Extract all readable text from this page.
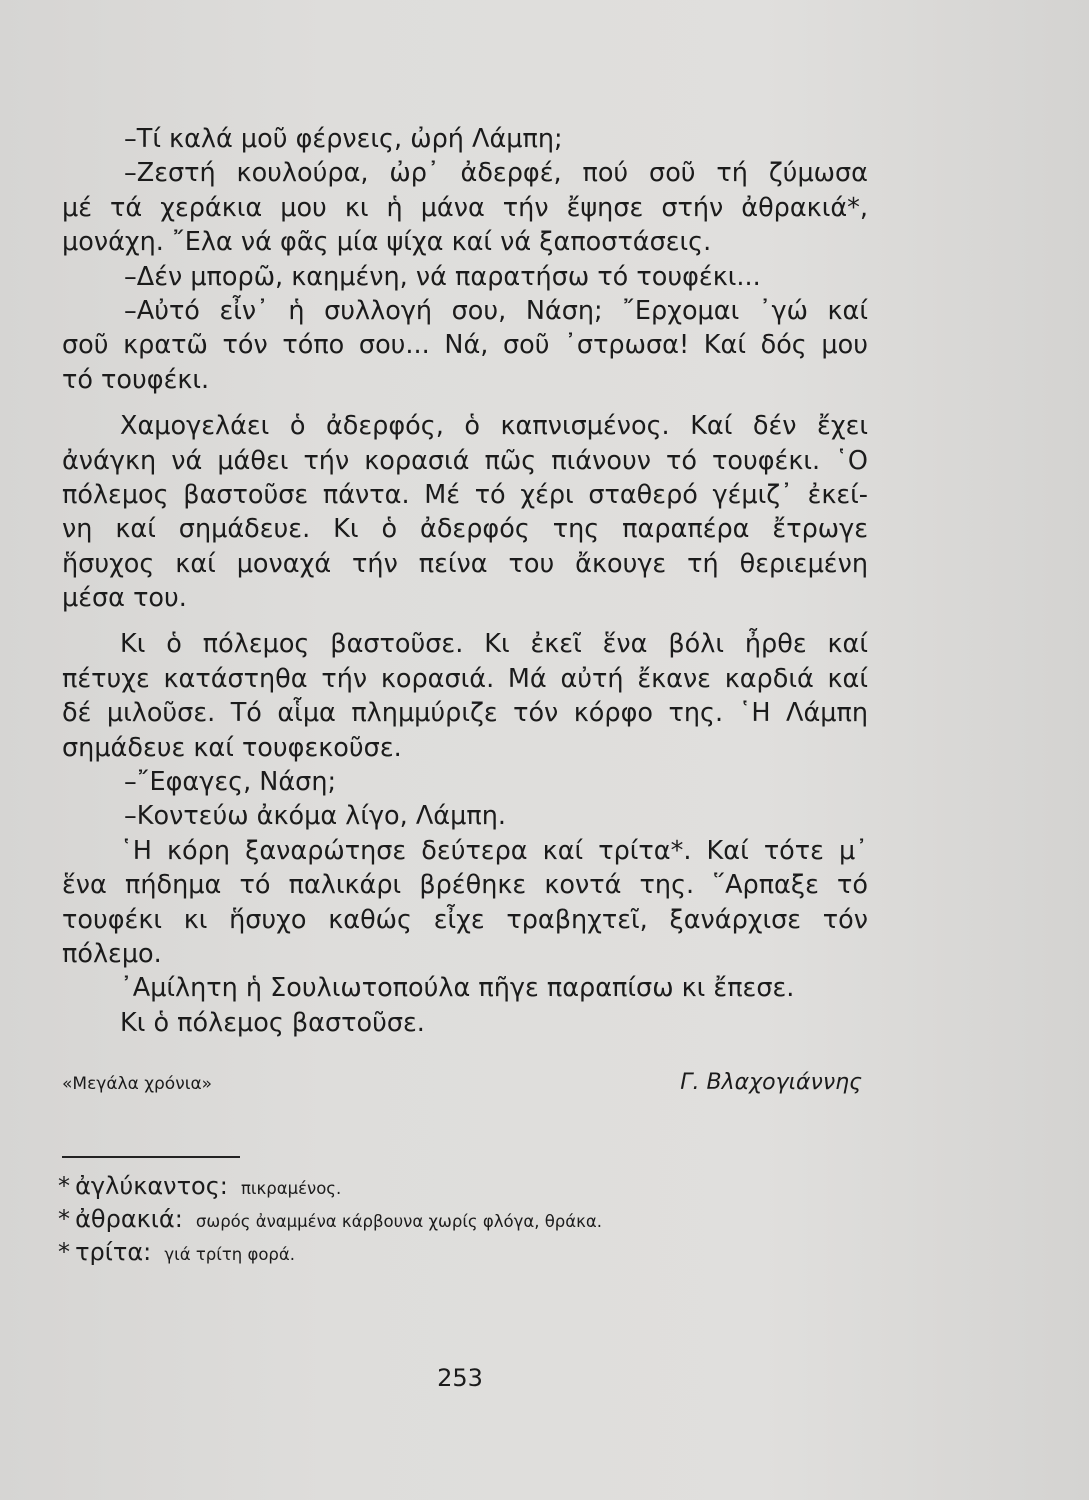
–Τί καλά μοῦ φέρνεις, ὠρή Λάμπη;
–Ζεστή κουλούρα, ὠρ᾿ ἀδερφέ, πού σοῦ τή ζύμωσα
μέ τά χεράκια μου κι ἡ μάνα τήν ἔψησε στήν ἀθρακιά*,
μονάχη. ῎Ελα νά φᾶς μία ψίχα καί νά ξαποστάσεις.
–Δέν μπορῶ, καημένη, νά παρατήσω τό τουφέκι...
–Αὐτό εἶν᾿ ἡ συλλογή σου, Νάση; ῎Ερχομαι ᾿γώ καί
σοῦ κρατῶ τόν τόπο σου... Νά, σοῦ ᾿στρωσα! Καί δός μου
τό τουφέκι.
Χαμογελάει ὁ ἀδερφός, ὁ καπνισμένος. Καί δέν ἔχει
ἀνάγκη νά μάθει τήν κορασιά πῶς πιάνουν τό τουφέκι. ῾Ο
πόλεμος βαστοῦσε πάντα. Μέ τό χέρι σταθερό γέμιζ᾿ ἐκεί-
νη καί σημάδευε. Κι ὁ ἀδερφός της παραπέρα ἔτρωγε
ἥσυχος καί μοναχά τήν πείνα του ἄκουγε τή θεριεμένη
μέσα του.
Κι ὁ πόλεμος βαστοῦσε. Κι ἐκεῖ ἕνα βόλι ἦρθε καί
πέτυχε κατάστηθα τήν κορασιά. Μά αὐτή ἔκανε καρδιά καί
δέ μιλοῦσε. Τό αἷμα πλημμύριζε τόν κόρφο της. ῾Η Λάμπη
σημάδευε καί τουφεκοῦσε.
–῎Εφαγες, Νάση;
–Κοντεύω ἀκόμα λίγο, Λάμπη.
῾Η κόρη ξαναρώτησε δεύτερα καί τρίτα*. Καί τότε μ᾿
ἕνα πήδημα τό παλικάρι βρέθηκε κοντά της. ῞Αρπαξε τό
τουφέκι κι ἥσυχο καθώς εἶχε τραβηχτεῖ, ξανάρχισε τόν
πόλεμο.
᾿Αμίλητη ἡ Σουλιωτοπούλα πῆγε παραπίσω κι ἔπεσε.
Κι ὁ πόλεμος βαστοῦσε.
«Μεγάλα χρόνια»	Γ. Βλαχογιάννης
* ἀγλύκαντος: πικραμένος.
* ἀθρακιά: σωρός ἀναμμένα κάρβουνα χωρίς φλόγα, θράκα.
* τρίτα: γιά τρίτη φορά.
253
